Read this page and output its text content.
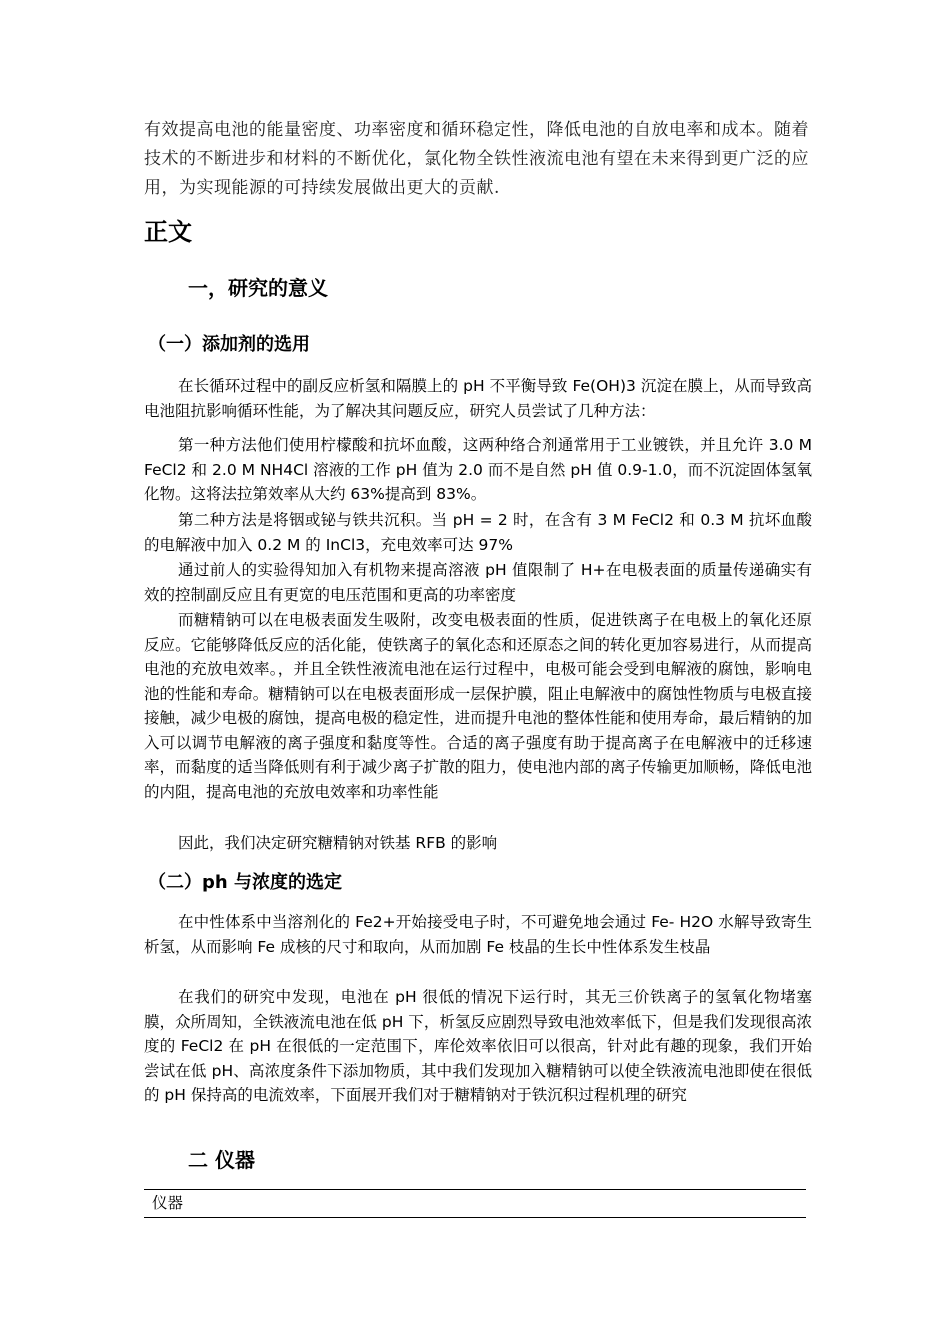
有效提高电池的能量密度、功率密度和循环稳定性，降低电池的自放电率和成本。随着技术的不断进步和材料的不断优化，氯化物全铁性液流电池有望在未来得到更广泛的应用，为实现能源的可持续发展做出更大的贡献.

正文
一，研究的意义
（一）添加剂的选用

在长循环过程中的副反应析氢和隔膜上的 pH 不平衡导致 Fe(OH)3 沉淀在膜上，从而导致高电池阻抗影响循环性能，为了解决其问题反应，研究人员尝试了几种方法：

第一种方法他们使用柠檬酸和抗坏血酸，这两种络合剂通常用于工业镀铁，并且允许 3.0 M FeCl2 和 2.0 M NH4Cl 溶液的工作 pH 值为 2.0 而不是自然 pH 值 0.9-1.0，而不沉淀固体氢氧化物。这将法拉第效率从大约 63%提高到 83%。

第二种方法是将铟或铋与铁共沉积。当 pH = 2 时，在含有 3 M FeCl2 和 0.3 M 抗坏血酸的电解液中加入 0.2 M 的 InCl3，充电效率可达 97%

通过前人的实验得知加入有机物来提高溶液 pH 值限制了 H+在电极表面的质量传递确实有效的控制副反应且有更宽的电压范围和更高的功率密度

而糖精钠可以在电极表面发生吸附，改变电极表面的性质，促进铁离子在电极上的氧化还原反应。它能够降低反应的活化能，使铁离子的氧化态和还原态之间的转化更加容易进行，从而提高电池的充放电效率。，并且全铁性液流电池在运行过程中，电极可能会受到电解液的腐蚀，影响电池的性能和寿命。糖精钠可以在电极表面形成一层保护膜，阻止电解液中的腐蚀性物质与电极直接接触，减少电极的腐蚀，提高电极的稳定性，进而提升电池的整体性能和使用寿命，最后精钠的加入可以调节电解液的离子强度和黏度等性。合适的离子强度有助于提高离子在电解液中的迁移速率，而黏度的适当降低则有利于减少离子扩散的阻力，使电池内部的离子传输更加顺畅，降低电池的内阻，提高电池的充放电效率和功率性能

因此，我们决定研究糖精钠对铁基 RFB 的影响

（二）ph 与浓度的选定

在中性体系中当溶剂化的 Fe2+开始接受电子时，不可避免地会通过 Fe- H2O 水解导致寄生析氢，从而影响 Fe 成核的尺寸和取向，从而加剧 Fe 枝晶的生长中性体系发生枝晶

在我们的研究中发现，电池在 pH 很低的情况下运行时，其无三价铁离子的氢氧化物堵塞膜，众所周知，全铁液流电池在低 pH 下，析氢反应剧烈导致电池效率低下，但是我们发现很高浓度的 FeCl2 在 pH 在很低的一定范围下，库伦效率依旧可以很高，针对此有趣的现象，我们开始尝试在低 pH、高浓度条件下添加物质，其中我们发现加入糖精钠可以使全铁液流电池即使在很低的 pH 保持高的电流效率，下面展开我们对于糖精钠对于铁沉积过程机理的研究

二 仪器
仪器
